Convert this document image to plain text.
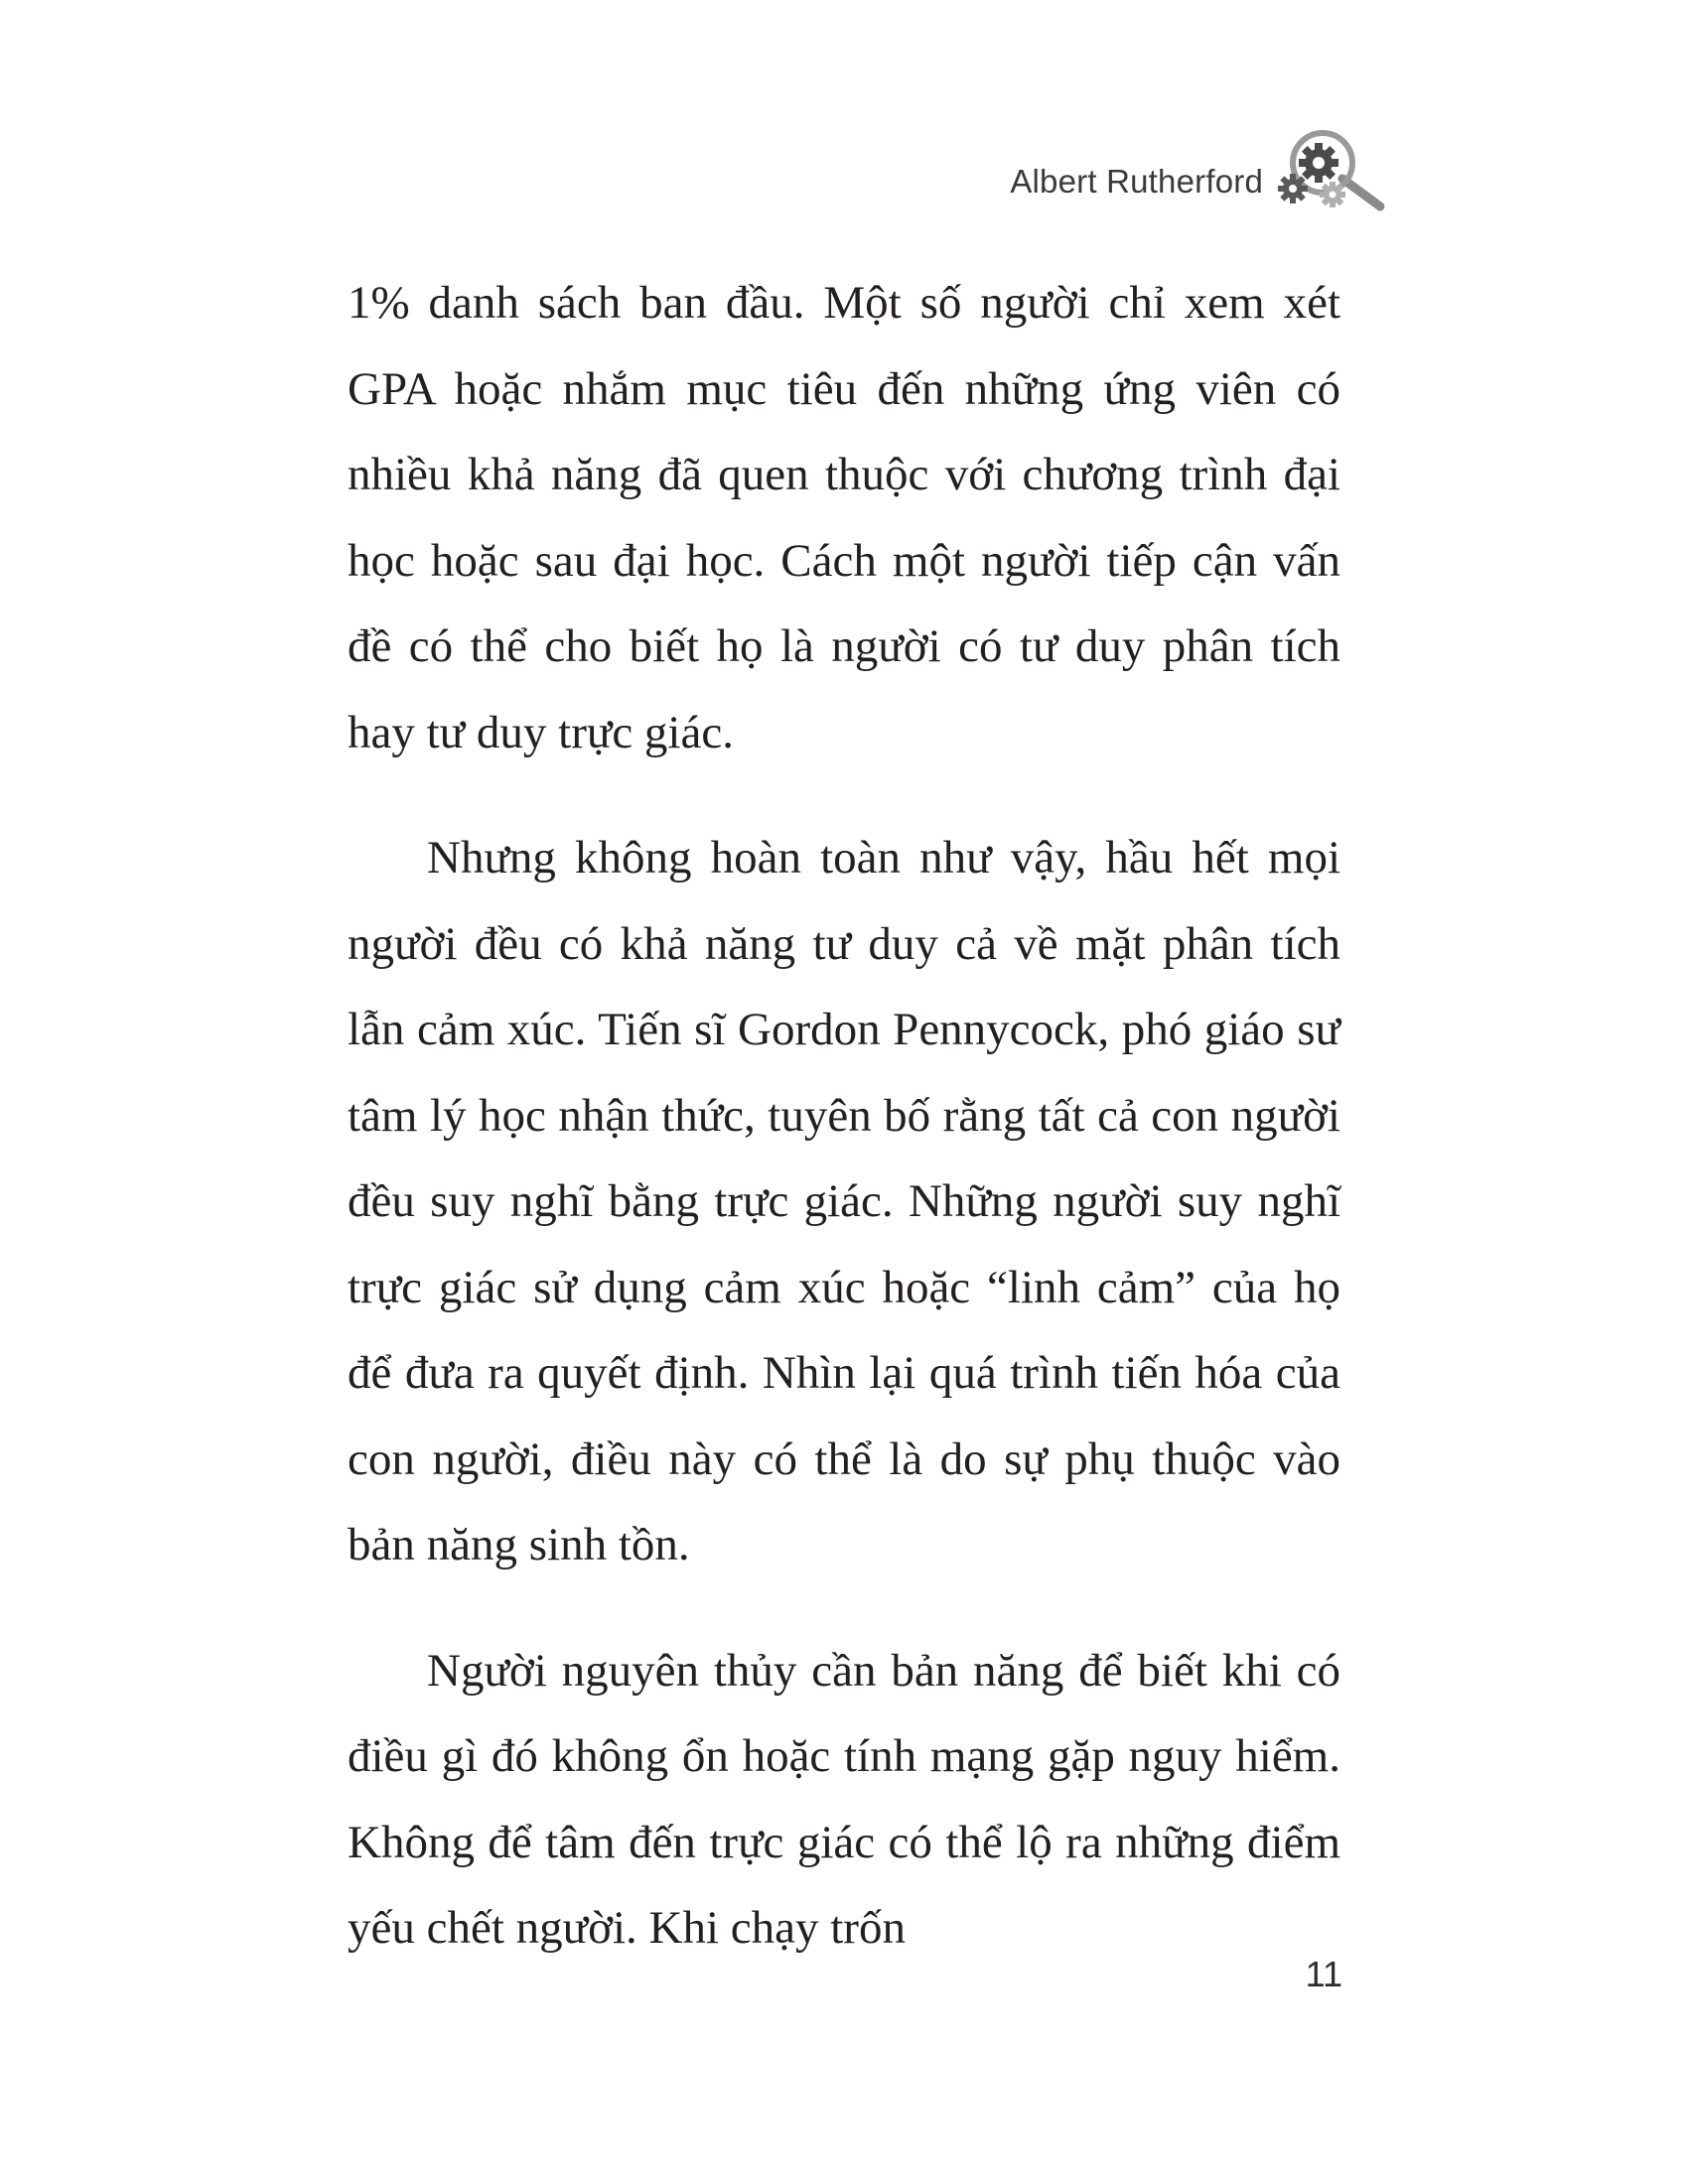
Albert Rutherford

1% danh sách ban đầu. Một số người chỉ xem xét GPA hoặc nhắm mục tiêu đến những ứng viên có nhiều khả năng đã quen thuộc với chương trình đại học hoặc sau đại học. Cách một người tiếp cận vấn đề có thể cho biết họ là người có tư duy phân tích hay tư duy trực giác.

Nhưng không hoàn toàn như vậy, hầu hết mọi người đều có khả năng tư duy cả về mặt phân tích lẫn cảm xúc. Tiến sĩ Gordon Pennycock, phó giáo sư tâm lý học nhận thức, tuyên bố rằng tất cả con người đều suy nghĩ bằng trực giác. Những người suy nghĩ trực giác sử dụng cảm xúc hoặc “linh cảm” của họ để đưa ra quyết định. Nhìn lại quá trình tiến hóa của con người, điều này có thể là do sự phụ thuộc vào bản năng sinh tồn.

Người nguyên thủy cần bản năng để biết khi có điều gì đó không ổn hoặc tính mạng gặp nguy hiểm. Không để tâm đến trực giác có thể lộ ra những điểm yếu chết người. Khi chạy trốn

11
